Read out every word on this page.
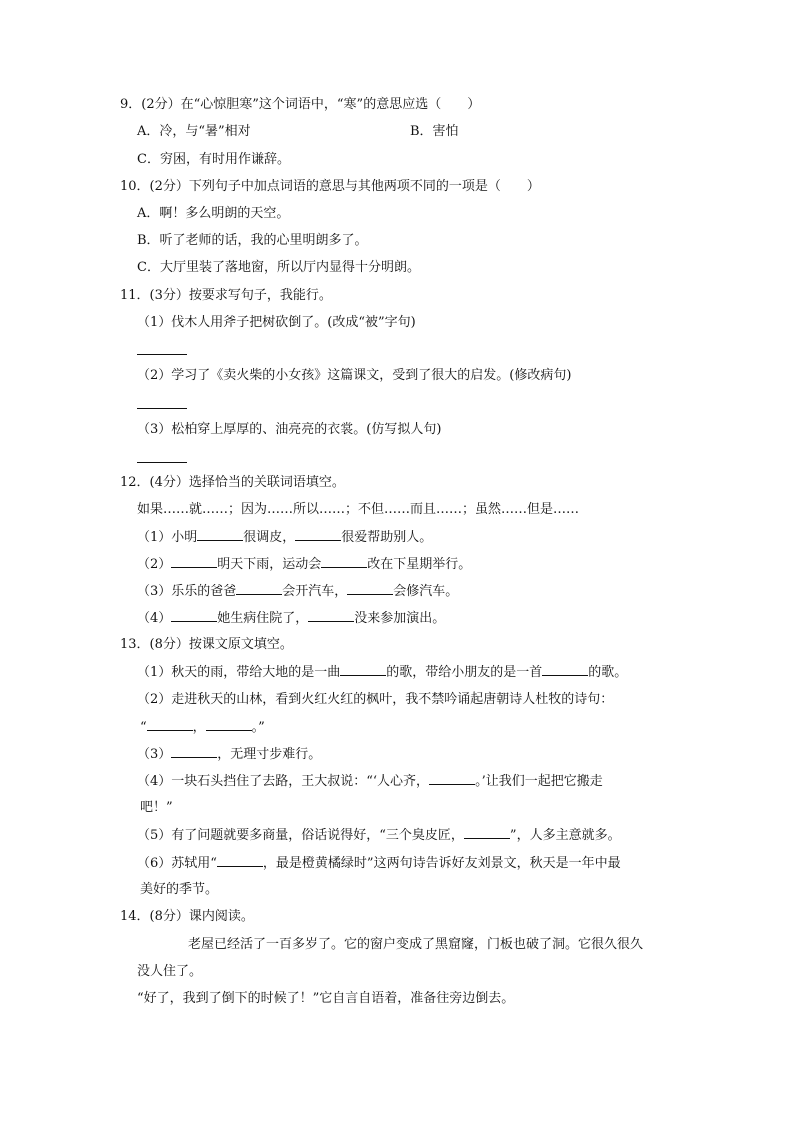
9．(2分）在“心惊胆寒”这个词语中，“寒”的意思应选（　　）
A．冷，与“暑”相对	B．害怕
C．穷困，有时用作谦辞。
10．(2分）下列句子中加点词语的意思与其他两项不同的一项是（　　）
A．啊！多么明朗的天空。
B．听了老师的话，我的心里明朗多了。
C．大厅里装了落地窗，所以厅内显得十分明朗。
11．(3分）按要求写句子，我能行。
（1）伐木人用斧子把树砍倒了。(改成“被”字句)
（2）学习了《卖火柴的小女孩》这篇课文，受到了很大的启发。(修改病句)
（3）松柏穿上厚厚的、油亮亮的衣裳。(仿写拟人句)
12．(4分）选择恰当的关联词语填空。
如果……就……；因为……所以……；不但……而且……；虽然……但是……
（1）小明	很调皮，	很爱帮助别人。
（2）	明天下雨，运动会	改在下星期举行。
（3）乐乐的爸爸	会开汽车，	会修汽车。
（4）	她生病住院了，	没来参加演出。
13．(8分）按课文原文填空。
（1）秋天的雨，带给大地的是一曲	的歌，带给小朋友的是一首	的歌。
（2）走进秋天的山林，看到火红火红的枫叶，我不禁吟诵起唐朝诗人杜牧的诗句：
“	，	。”
（3）	，无理寸步难行。
（4）一块石头挡住了去路，王大叔说：“‘人心齐，	。’让我们一起把它搬走
吧！”
（5）有了问题就要多商量，俗话说得好，“三个臭皮匠，	”，人多主意就多。
（6）苏轼用“	，最是橙黄橘绿时”这两句诗告诉好友刘景文，秋天是一年中最
美好的季节。
14．(8分）课内阅读。
老屋已经活了一百多岁了。它的窗户变成了黑窟窿，门板也破了洞。它很久很久
没人住了。
“好了，我到了倒下的时候了！”它自言自语着，准备往旁边倒去。
